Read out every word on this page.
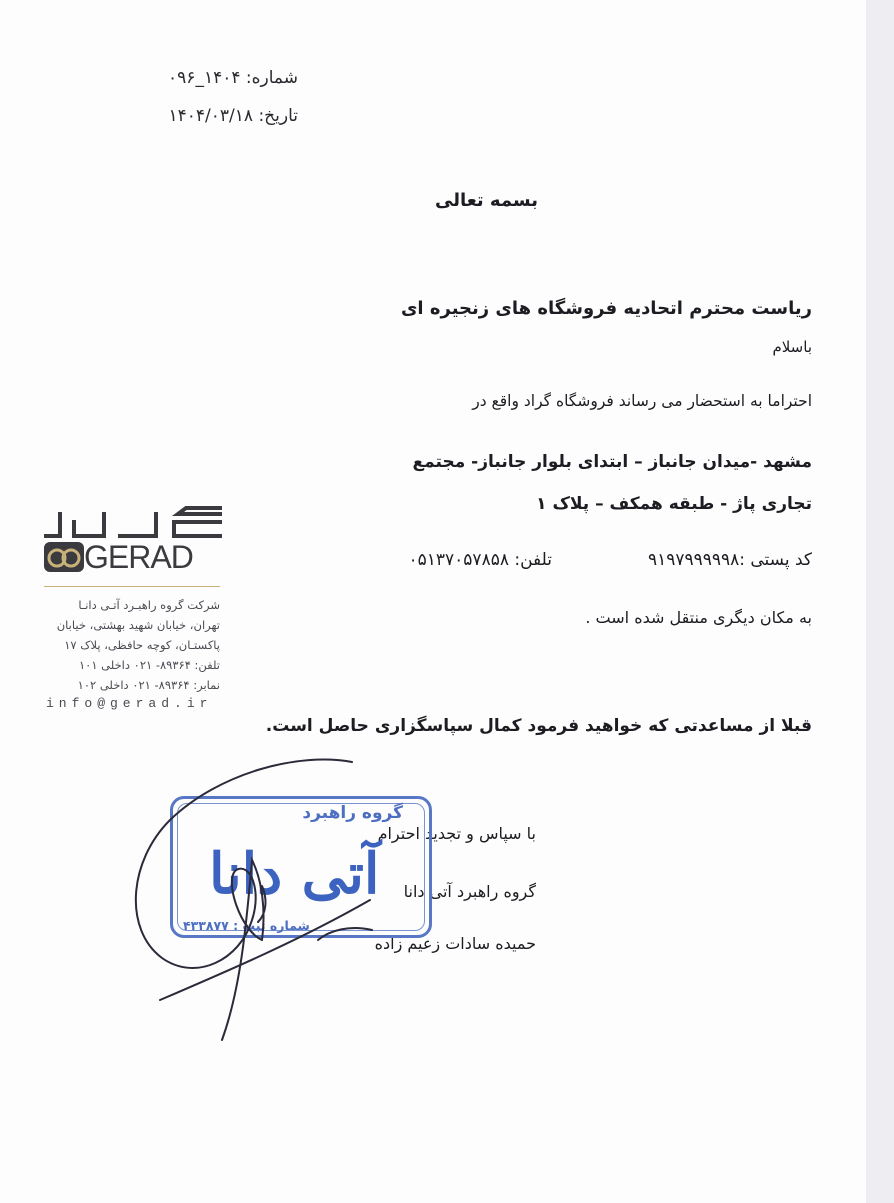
شماره: ۱۴۰۴_۰۹۶
تاریخ: ۱۴۰۴/۰۳/۱۸
بسمه تعالی
ریاست محترم اتحادیه فروشگاه های زنجیره ای
باسلام
احتراما به استحضار می رساند فروشگاه گراد واقع در
مشهد -میدان جانباز – ابتدای بلوار جانباز- مجتمع
تجاری پاژ - طبقه همکف – پلاک ۱
کد پستی :۹۱۹۷۹۹۹۹۹۸
تلفن: ۰۵۱۳۷۰۵۷۸۵۸
به مکان دیگری منتقل شده است .
قبلا از مساعدتی که خواهید فرمود کمال سپاسگزاری حاصل است.
با سپاس و تجدید احترام
گروه راهبرد آتی دانا
حمیده سادات زعیم زاده
GERAD
شرکت گروه راهبـرد آتـی دانـا
تهران، خیابان شهید بهشتی، خیابان
پاکستـان، کوچه حافظی، پلاک ۱۷
تلفن: ۸۹۳۶۴- ۰۲۱ داخلی ۱۰۱
نمابر: ۸۹۳۶۴- ۰۲۱ داخلی ۱۰۲
info@gerad.ir
گروه راهبرد
آتی دانا
شماره ثبت : ۴۳۳۸۷۷
